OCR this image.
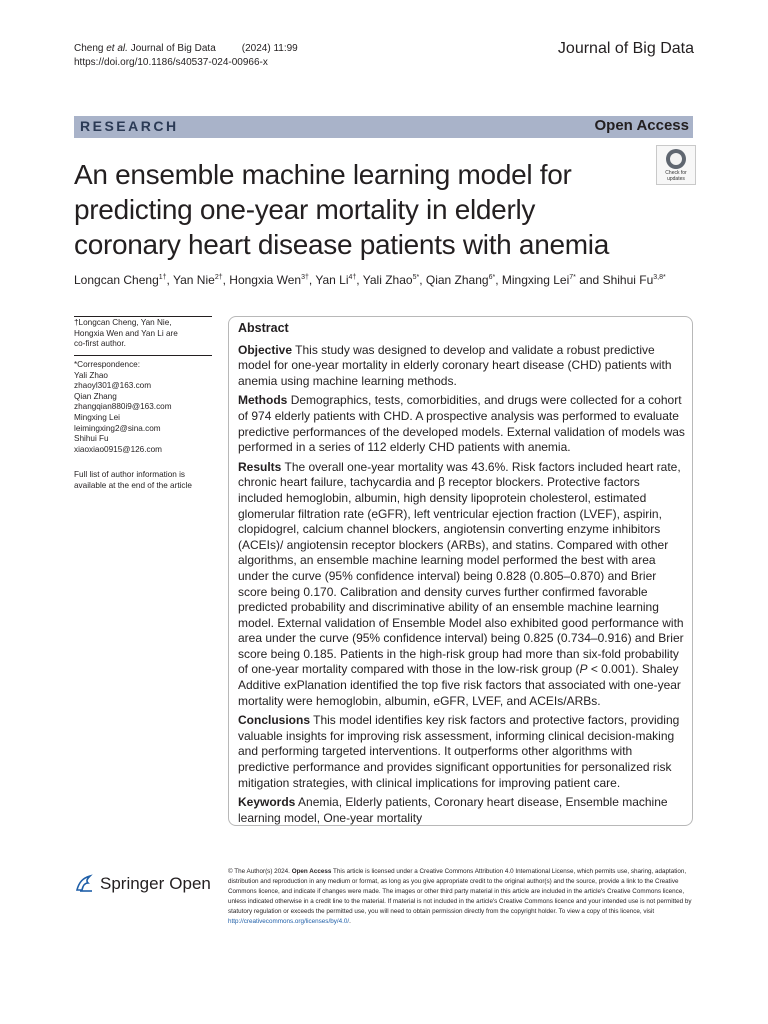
Cheng et al. Journal of Big Data	(2024) 11:99
https://doi.org/10.1186/s40537-024-00966-x
Journal of Big Data
RESEARCH	Open Access
An ensemble machine learning model for predicting one-year mortality in elderly coronary heart disease patients with anemia
Check for updates
Longcan Cheng$^{1\dagger}$, Yan Nie$^{2\dagger}$, Hongxia Wen$^{3\dagger}$, Yan $Li^{4\dagger}$, Yali Zhao$^{5*}$, Qian Zhang$^{6*}$, Mingxing Lei$^{7*}$ and Shihui $Fu^{3,8*}$
†Longcan Cheng, Yan Nie,
Hongxia Wen and Yan Li are
co-first author.
*Correspondence:
Yali Zhao
zhaoyl301@163.com
Qian Zhang
zhangqian880i9@163.com
Mingxing Lei
leimingxing2@sina.com
Shihui Fu
xiaoxiao0915@126.com
Full list of author information is
available at the end of the article
Abstract

Objective This study was designed to develop and validate a robust predictive model for one-year mortality in elderly coronary heart disease (CHD) patients with anemia using machine learning methods.

Methods Demographics, tests, comorbidities, and drugs were collected for a cohort of 974 elderly patients with CHD. A prospective analysis was performed to evaluate predictive performances of the developed models. External validation of models was performed in a series of 112 elderly CHD patients with anemia.

Results The overall one-year mortality was 43.6%. Risk factors included heart rate, chronic heart failure, tachycardia and β receptor blockers. Protective factors included hemoglobin, albumin, high density lipoprotein cholesterol, estimated glomerular filtration rate (eGFR), left ventricular ejection fraction (LVEF), aspirin, clopidogrel, calcium channel blockers, angiotensin converting enzyme inhibitors (ACEIs)/ angiotensin receptor blockers (ARBs), and statins. Compared with other algorithms, an ensemble machine learning model performed the best with area under the curve (95% confidence interval) being 0.828 (0.805–0.870) and Brier score being 0.170. Calibration and density curves further confirmed favorable predicted probability and discriminative ability of an ensemble machine learning model. External validation of Ensemble Model also exhibited good performance with area under the curve (95% confidence interval) being 0.825 (0.734–0.916) and Brier score being 0.185. Patients in the high-risk group had more than six-fold probability of one-year mortality compared with those in the low-risk group (P < 0.001). Shaley Additive exPlanation identified the top five risk factors that associated with one-year mortality were hemoglobin, albumin, eGFR, LVEF, and ACEIs/ARBs.

Conclusions This model identifies key risk factors and protective factors, providing valuable insights for improving risk assessment, informing clinical decision-making and performing targeted interventions. It outperforms other algorithms with predictive performance and provides significant opportunities for personalized risk mitigation strategies, with clinical implications for improving patient care.

Keywords Anemia, Elderly patients, Coronary heart disease, Ensemble machine learning model, One-year mortality

Springer Open
© The Author(s) 2024. Open Access This article is licensed under a Creative Commons Attribution 4.0 International License, which permits use, sharing, adaptation, distribution and reproduction in any medium or format, as long as you give appropriate credit to the original author(s) and the source, provide a link to the Creative Commons licence, and indicate if changes were made. The images or other third party material in this article are included in the article's Creative Commons licence, unless indicated otherwise in a credit line to the material. If material is not included in the article's Creative Commons licence and your intended use is not permitted by statutory regulation or exceeds the permitted use, you will need to obtain permission directly from the copyright holder. To view a copy of this licence, visit http://creativecommons.org/licenses/by/4.0/.
